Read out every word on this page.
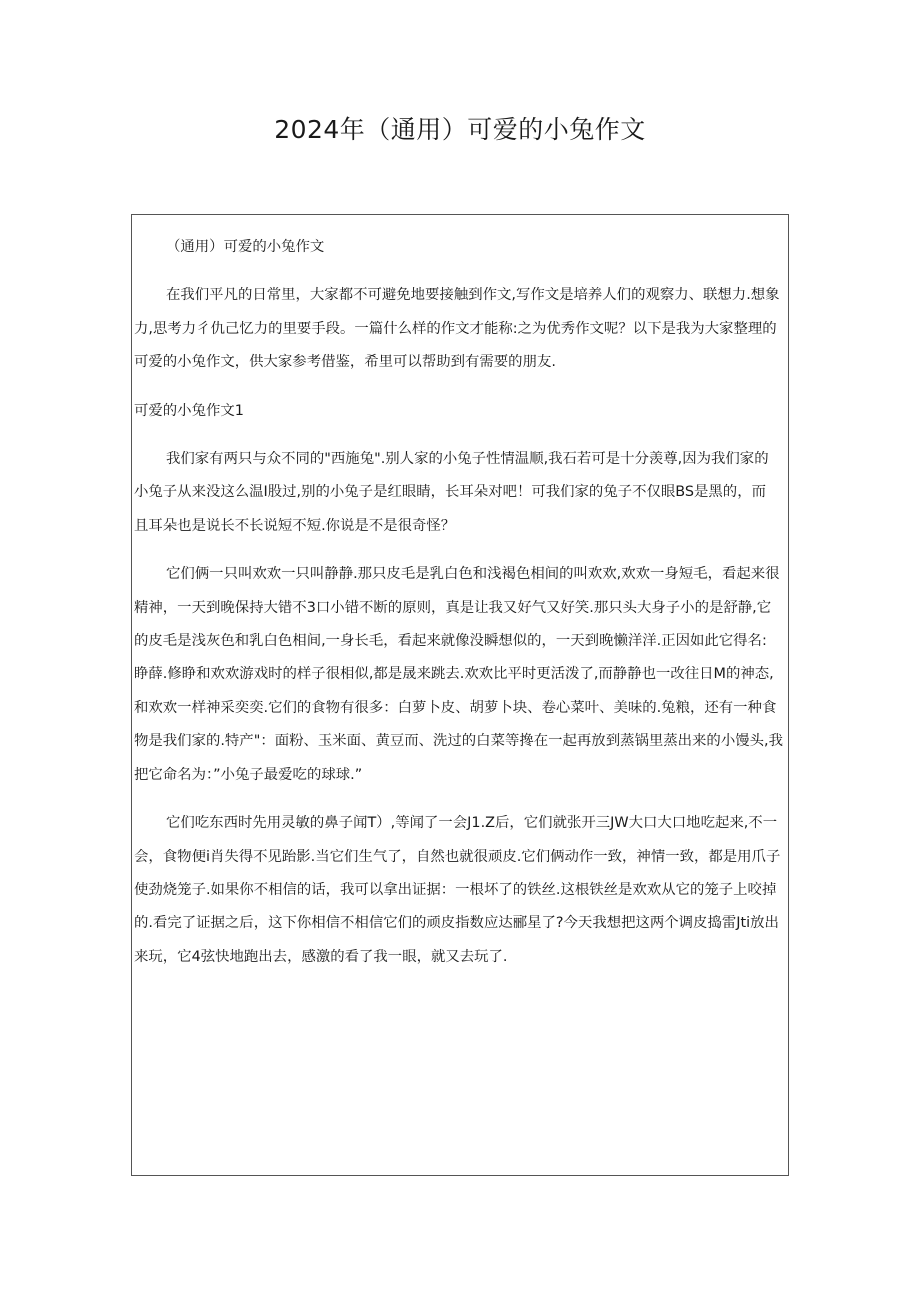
2024年（通用）可爱的小兔作文

（通用）可爱的小兔作文

在我们平凡的日常里，大家都不可避免地要接触到作文,写作文是培养人们的观察力、联想力.想象

力,思考力彳仇己忆力的里要手段。一篇什么样的作文才能称:之为优秀作文呢？以下是我为大家整理的

可爱的小兔作文，供大家参考借鉴，希里可以帮助到有需要的朋友.

可爱的小兔作文1

我们家有两只与众不同的"西施兔".别人家的小兔子性情温顺,我石若可是十分羡尊,因为我们家的

小兔子从来没这么温I股过,别的小兔子是红眼睛，长耳朵对吧！可我们家的兔子不仅眼BS是黑的，而

且耳朵也是说长不长说短不短.你说是不是很奇怪？

它们俩一只叫欢欢一只叫静静.那只皮毛是乳白色和浅褐色相间的叫欢欢,欢欢一身短毛，看起来很

精神，一天到晚保持大错不3口小错不断的原则，真是让我又好气又好笑.那只头大身子小的是舒静,它

的皮毛是浅灰色和乳白色相间,一身长毛，看起来就像没瞬想似的，一天到晚懒洋洋.正因如此它得名:

睁薛.修睁和欢欢游戏时的样子很相似,都是晟来跳去.欢欢比平时更活泼了,而静静也一改往日M的神态,

和欢欢一样神采奕奕.它们的食物有很多：白萝卜皮、胡萝卜块、卷心菜叶、美味的.兔粮，还有一种食

物是我们家的.特产"：面粉、玉米面、黄豆而、洗过的白菜等搀在一起再放到蒸锅里蒸出来的小馒头,我

把它命名为：”小兔子最爱吃的球球.”

它们吃东西时先用灵敏的鼻子闻T）,等闻了一会J1.Z后，它们就张开三JW大口大口地吃起来,不一

会，食物便i肖失得不见跆影.当它们生气了，自然也就很顽皮.它们俩动作一致，神情一致，都是用爪子

使劲烧笼子.如果你不相信的话，我可以拿出证据：一根坏了的铁丝.这根铁丝是欢欢从它的笼子上咬掉

的.看完了证据之后，这下你相信不相信它们的顽皮指数应达郦星了?今天我想把这两个调皮捣雷Jti放出

来玩，它4弦快地跑出去，感激的看了我一眼，就又去玩了.
